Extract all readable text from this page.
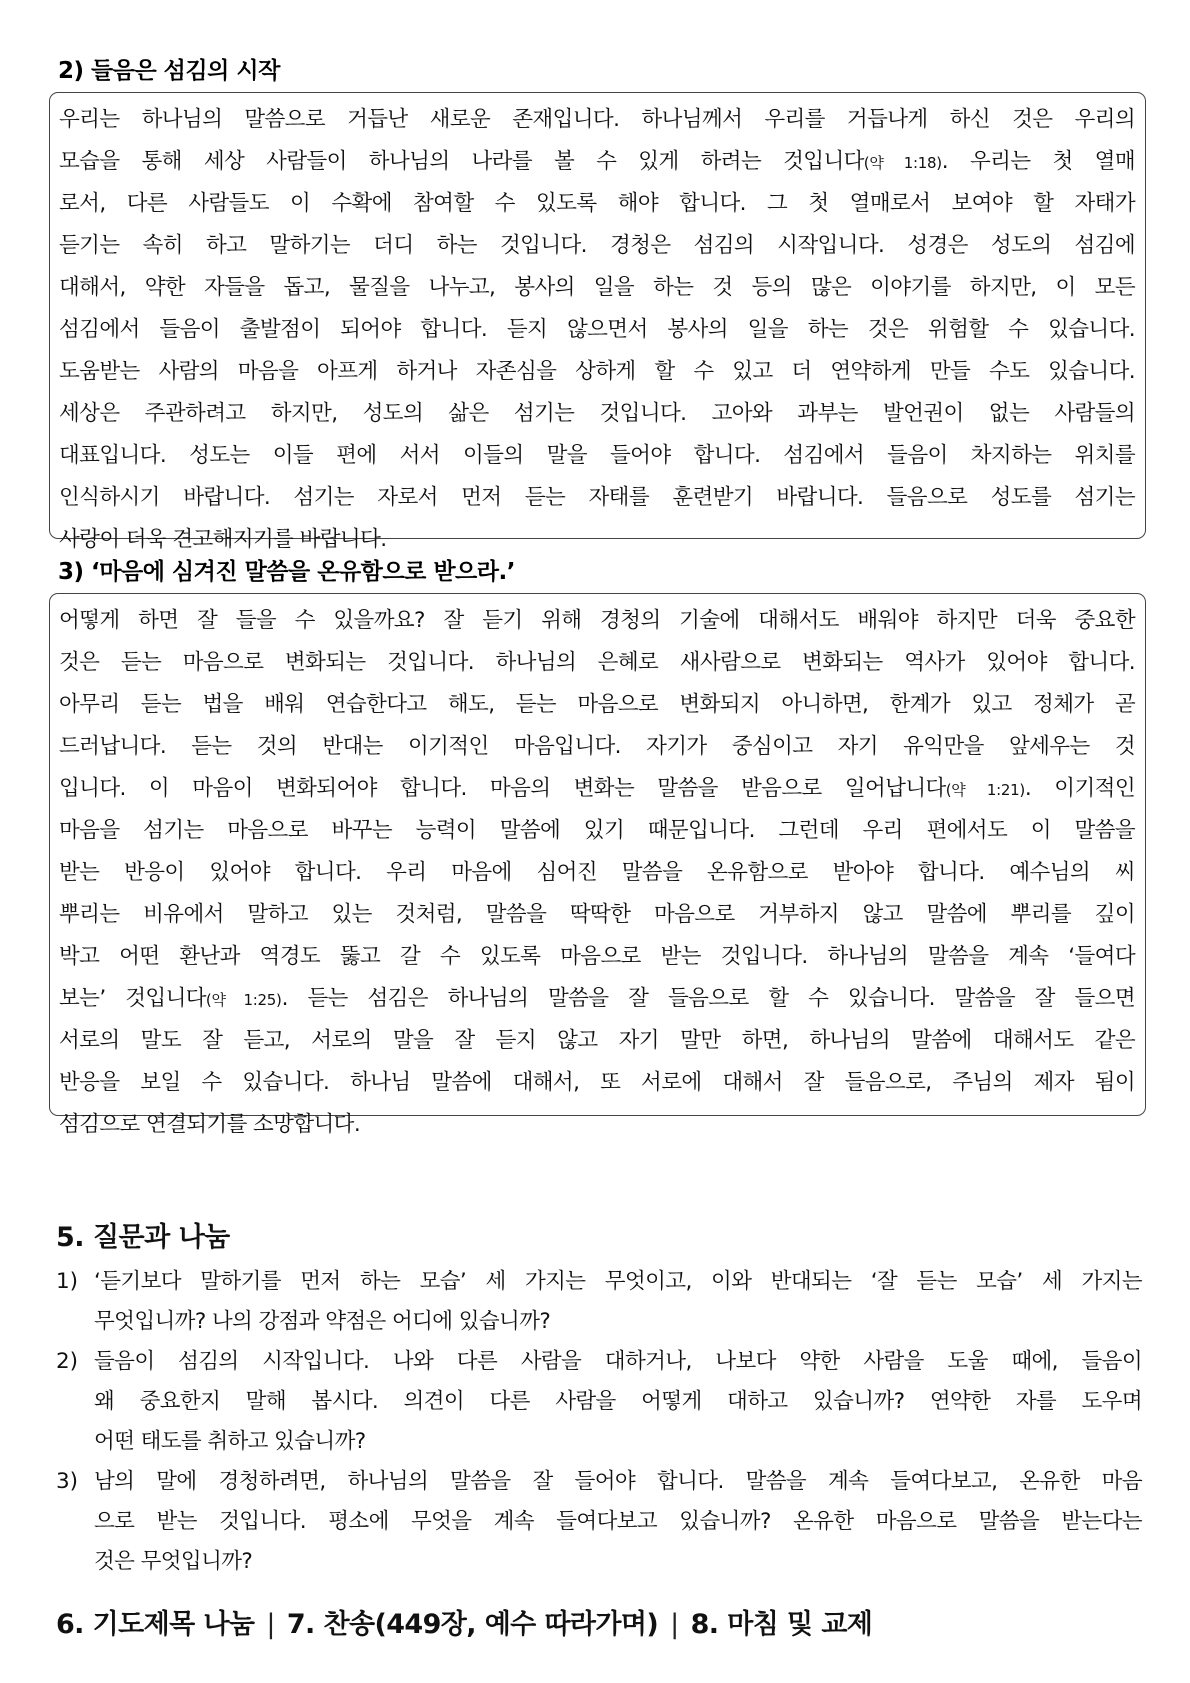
2) 들음은 섬김의 시작
우리는 하나님의 말씀으로 거듭난 새로운 존재입니다. 하나님께서 우리를 거듭나게 하신 것은 우리의
모습을 통해 세상 사람들이 하나님의 나라를 볼 수 있게 하려는 것입니다(약 1:18). 우리는 첫 열매
로서, 다른 사람들도 이 수확에 참여할 수 있도록 해야 합니다. 그 첫 열매로서 보여야 할 자태가
듣기는 속히 하고 말하기는 더디 하는 것입니다. 경청은 섬김의 시작입니다. 성경은 성도의 섬김에
대해서, 약한 자들을 돕고, 물질을 나누고, 봉사의 일을 하는 것 등의 많은 이야기를 하지만, 이 모든
섬김에서 들음이 출발점이 되어야 합니다. 듣지 않으면서 봉사의 일을 하는 것은 위험할 수 있습니다.
도움받는 사람의 마음을 아프게 하거나 자존심을 상하게 할 수 있고 더 연약하게 만들 수도 있습니다.
세상은 주관하려고 하지만, 성도의 삶은 섬기는 것입니다. 고아와 과부는 발언권이 없는 사람들의
대표입니다. 성도는 이들 편에 서서 이들의 말을 들어야 합니다. 섬김에서 들음이 차지하는 위치를
인식하시기 바랍니다. 섬기는 자로서 먼저 듣는 자태를 훈련받기 바랍니다. 들음으로 성도를 섬기는
사랑이 더욱 견고해지기를 바랍니다.
3) ‘마음에 심겨진 말씀을 온유함으로 받으라.’
어떻게 하면 잘 들을 수 있을까요? 잘 듣기 위해 경청의 기술에 대해서도 배워야 하지만 더욱 중요한
것은 듣는 마음으로 변화되는 것입니다. 하나님의 은혜로 새사람으로 변화되는 역사가 있어야 합니다.
아무리 듣는 법을 배워 연습한다고 해도, 듣는 마음으로 변화되지 아니하면, 한계가 있고 정체가 곧
드러납니다. 듣는 것의 반대는 이기적인 마음입니다. 자기가 중심이고 자기 유익만을 앞세우는 것
입니다. 이 마음이 변화되어야 합니다. 마음의 변화는 말씀을 받음으로 일어납니다(약 1:21). 이기적인
마음을 섬기는 마음으로 바꾸는 능력이 말씀에 있기 때문입니다. 그런데 우리 편에서도 이 말씀을
받는 반응이 있어야 합니다. 우리 마음에 심어진 말씀을 온유함으로 받아야 합니다. 예수님의 씨
뿌리는 비유에서 말하고 있는 것처럼, 말씀을 딱딱한 마음으로 거부하지 않고 말씀에 뿌리를 깊이
박고 어떤 환난과 역경도 뚫고 갈 수 있도록 마음으로 받는 것입니다. 하나님의 말씀을 계속 ‘들여다
보는’ 것입니다(약 1:25). 듣는 섬김은 하나님의 말씀을 잘 들음으로 할 수 있습니다. 말씀을 잘 들으면
서로의 말도 잘 듣고, 서로의 말을 잘 듣지 않고 자기 말만 하면, 하나님의 말씀에 대해서도 같은
반응을 보일 수 있습니다. 하나님 말씀에 대해서, 또 서로에 대해서 잘 들음으로, 주님의 제자 됨이
섬김으로 연결되기를 소망합니다.
5. 질문과 나눔
1) ‘듣기보다 말하기를 먼저 하는 모습’ 세 가지는 무엇이고, 이와 반대되는 ‘잘 듣는 모습’ 세 가지는
무엇입니까? 나의 강점과 약점은 어디에 있습니까?
2) 들음이 섬김의 시작입니다. 나와 다른 사람을 대하거나, 나보다 약한 사람을 도울 때에, 들음이
왜 중요한지 말해 봅시다. 의견이 다른 사람을 어떻게 대하고 있습니까? 연약한 자를 도우며
어떤 태도를 취하고 있습니까?
3) 남의 말에 경청하려면, 하나님의 말씀을 잘 들어야 합니다. 말씀을 계속 들여다보고, 온유한 마음
으로 받는 것입니다. 평소에 무엇을 계속 들여다보고 있습니까? 온유한 마음으로 말씀을 받는다는
것은 무엇입니까?
6. 기도제목 나눔 | 7. 찬송(449장, 예수 따라가며) | 8. 마침 및 교제
